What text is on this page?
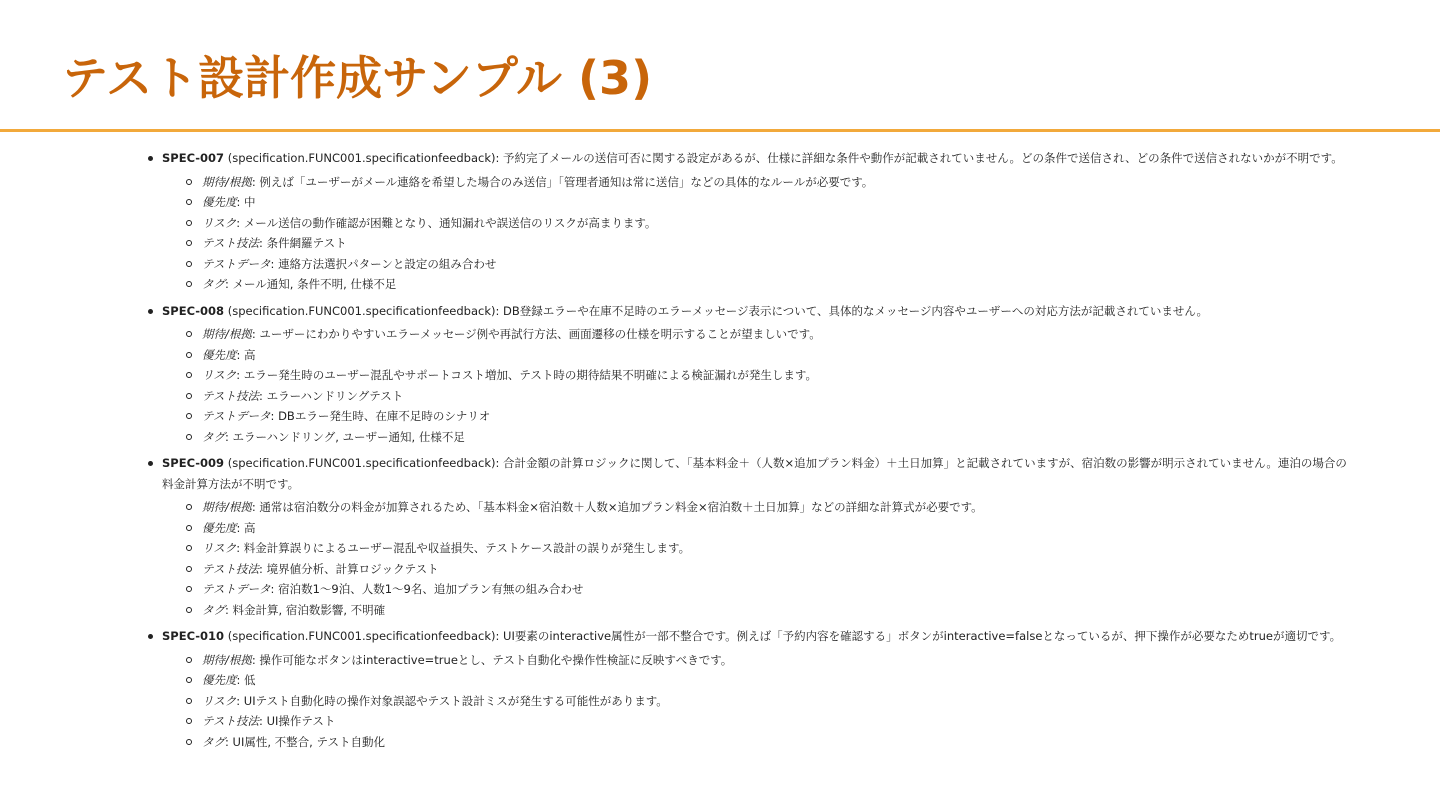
テスト設計作成サンプル (3)

SPEC-007 (specification.FUNC001.specificationfeedback): 予約完了メールの送信可否に関する設定があるが、仕様に詳細な条件や動作が記載されていません。どの条件で送信され、どの条件で送信されないかが不明です。

期待/根拠: 例えば「ユーザーがメール連絡を希望した場合のみ送信」「管理者通知は常に送信」などの具体的なルールが必要です。
優先度: 中
リスク: メール送信の動作確認が困難となり、通知漏れや誤送信のリスクが高まります。
テスト技法: 条件網羅テスト
テストデータ: 連絡方法選択パターンと設定の組み合わせ
タグ: メール通知, 条件不明, 仕様不足

SPEC-008 (specification.FUNC001.specificationfeedback): DB登録エラーや在庫不足時のエラーメッセージ表示について、具体的なメッセージ内容やユーザーへの対応方法が記載されていません。

期待/根拠: ユーザーにわかりやすいエラーメッセージ例や再試行方法、画面遷移の仕様を明示することが望ましいです。
優先度: 高
リスク: エラー発生時のユーザー混乱やサポートコスト増加、テスト時の期待結果不明確による検証漏れが発生します。
テスト技法: エラーハンドリングテスト
テストデータ: DBエラー発生時、在庫不足時のシナリオ
タグ: エラーハンドリング, ユーザー通知, 仕様不足

SPEC-009 (specification.FUNC001.specificationfeedback): 合計金額の計算ロジックに関して、「基本料金＋（人数×追加プラン料金）＋土日加算」と記載されていますが、宿泊数の影響が明示されていません。連泊の場合の料金計算方法が不明です。

期待/根拠: 通常は宿泊数分の料金が加算されるため、「基本料金×宿泊数＋人数×追加プラン料金×宿泊数＋土日加算」などの詳細な計算式が必要です。
優先度: 高
リスク: 料金計算誤りによるユーザー混乱や収益損失、テストケース設計の誤りが発生します。
テスト技法: 境界値分析、計算ロジックテスト
テストデータ: 宿泊数1〜9泊、人数1〜9名、追加プラン有無の組み合わせ
タグ: 料金計算, 宿泊数影響, 不明確

SPEC-010 (specification.FUNC001.specificationfeedback): UI要素のinteractive属性が一部不整合です。例えば「予約内容を確認する」ボタンがinteractive=falseとなっているが、押下操作が必要なためtrueが適切です。

期待/根拠: 操作可能なボタンはinteractive=trueとし、テスト自動化や操作性検証に反映すべきです。
優先度: 低
リスク: UIテスト自動化時の操作対象誤認やテスト設計ミスが発生する可能性があります。
テスト技法: UI操作テスト
タグ: UI属性, 不整合, テスト自動化
